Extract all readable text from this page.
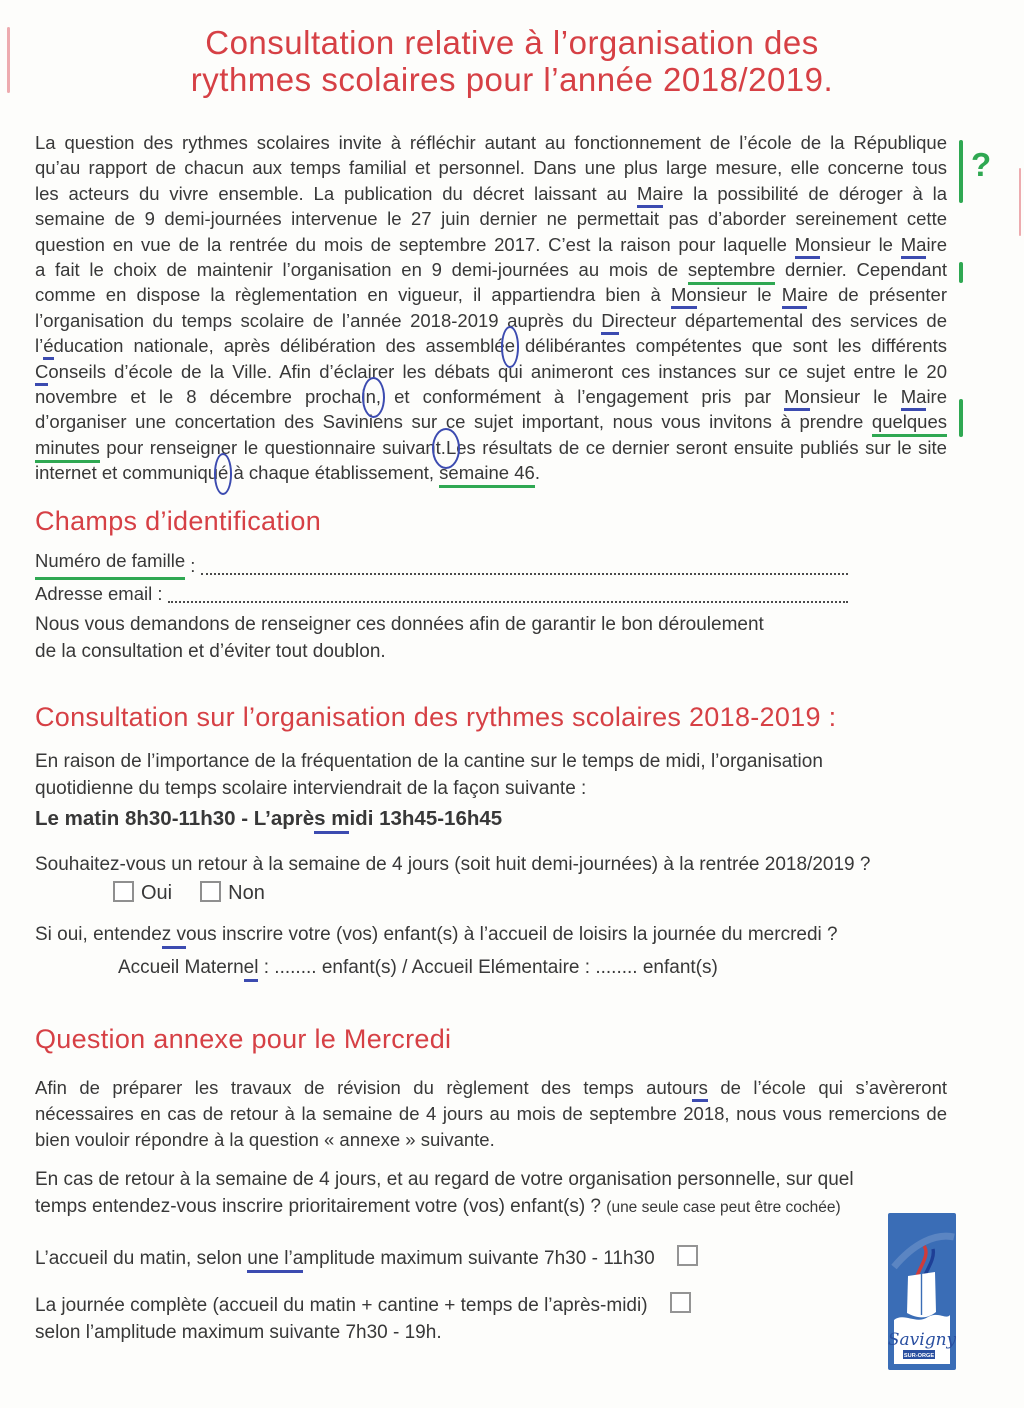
Consultation relative à l’organisation des
rythmes scolaires pour l’année 2018/2019.
La question des rythmes scolaires invite à réfléchir autant au fonctionnement de l’école de la République
qu’au rapport de chacun aux temps familial et personnel. Dans une plus large mesure, elle concerne tous
les acteurs du vivre ensemble. La publication du décret laissant au Maire la possibilité de déroger à la
semaine de 9 demi-journées intervenue le 27 juin dernier ne permettait pas d’aborder sereinement cette
question en vue de la rentrée du mois de septembre 2017. C’est la raison pour laquelle Monsieur le Maire
a fait le choix de maintenir l’organisation en 9 demi-journées au mois de septembre dernier. Cependant
comme en dispose la règlementation en vigueur, il appartiendra bien à Monsieur le Maire de présenter
l’organisation du temps scolaire de l’année 2018-2019 auprès du Directeur départemental des services de
l’éducation nationale, après délibération des assemblée délibérantes compétentes que sont les différents
Conseils d’école de la Ville. Afin d’éclairer les débats qui animeront ces instances sur ce sujet entre le 20
novembre et le 8 décembre prochain, et conformément à l’engagement pris par Monsieur le Maire
d’organiser une concertation des Saviniens sur ce sujet important, nous vous invitons à prendre quelques
minutes pour renseigner le questionnaire suivant.Les résultats de ce dernier seront ensuite publiés sur le site
internet et communiqué à chaque établissement, semaine 46.
?
Champs d’identification
Numéro de famille :
Adresse email :
Nous vous demandons de renseigner ces données afin de garantir le bon déroulement
de la consultation et d’éviter tout doublon.
Consultation sur l’organisation des rythmes scolaires 2018-2019 :
En raison de l’importance de la fréquentation de la cantine sur le temps de midi, l’organisation
quotidienne du temps scolaire interviendrait de la façon suivante :
Le matin 8h30-11h30 - L’après midi 13h45-16h45
Souhaitez-vous un retour à la semaine de 4 jours (soit huit demi-journées) à la rentrée 2018/2019 ?
Oui	Non
Si oui, entendez vous inscrire votre (vos) enfant(s) à l’accueil de loisirs la journée du mercredi ?
Accueil Maternel : ........ enfant(s) / Accueil Elémentaire : ........ enfant(s)
Question annexe pour le Mercredi
Afin de préparer les travaux de révision du règlement des temps autours de l’école qui s’avèreront
nécessaires en cas de retour à la semaine de 4 jours au mois de septembre 2018, nous vous remercions de
bien vouloir répondre à la question « annexe » suivante.
En cas de retour à la semaine de 4 jours, et au regard de votre organisation personnelle, sur quel
temps entendez-vous inscrire prioritairement votre (vos) enfant(s) ? (une seule case peut être cochée)
L’accueil du matin, selon une l’amplitude maximum suivante 7h30 - 11h30
La journée complète (accueil du matin + cantine + temps de l’après-midi)
selon l’amplitude maximum suivante 7h30 - 19h.	Savigny
SUR-ORGE
